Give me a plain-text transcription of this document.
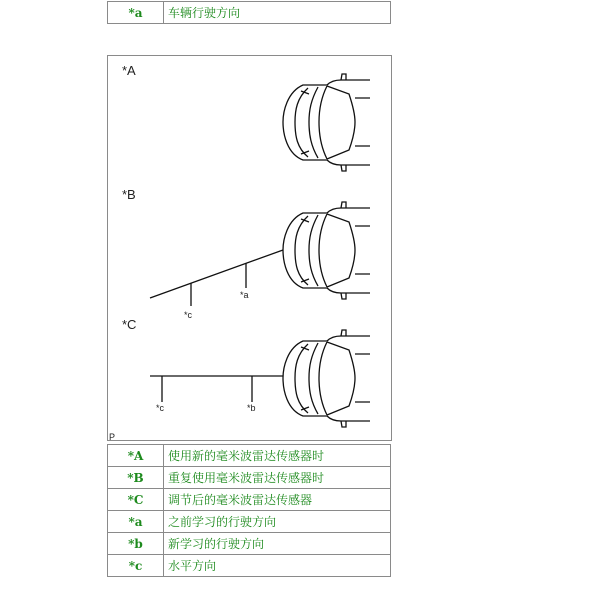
*a	车辆行驶方向
*A
*B
*c
*a
*C
*c	*b
P
*A	使用新的毫米波雷达传感器时
*B	重复使用毫米波雷达传感器时
*C	调节后的毫米波雷达传感器
*a	之前学习的行驶方向
*b	新学习的行驶方向
*c	水平方向
